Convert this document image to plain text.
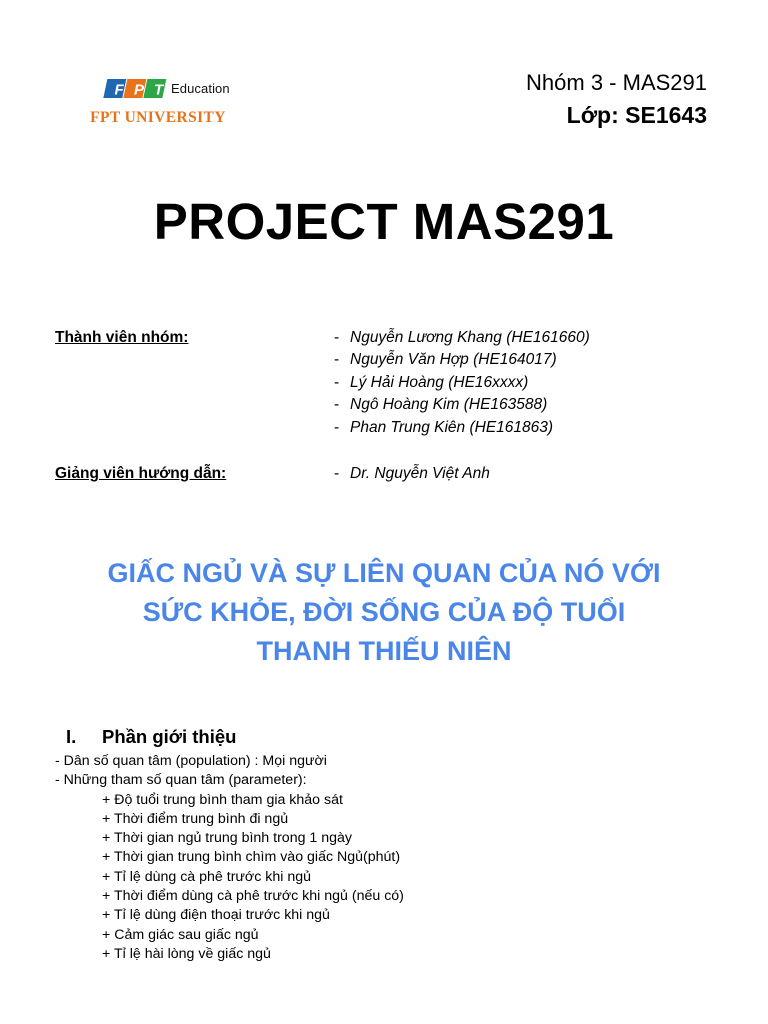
F P T Education
FPT UNIVERSITY
Nhóm 3 - MAS291
Lớp: SE1643
PROJECT MAS291
Thành viên nhóm:	- Nguyễn Lương Khang (HE161660)
- Nguyễn Văn Hợp (HE164017)
- Lý Hải Hoàng (HE16xxxx)
- Ngô Hoàng Kim (HE163588)
- Phan Trung Kiên (HE161863)
Giảng viên hướng dẫn:	- Dr. Nguyễn Việt Anh
GIẤC NGỦ VÀ SỰ LIÊN QUAN CỦA NÓ VỚI
SỨC KHỎE, ĐỜI SỐNG CỦA ĐỘ TUỔI
THANH THIẾU NIÊN
I. Phần giới thiệu
- Dân số quan tâm (population) : Mọi người
- Những tham số quan tâm (parameter):
+ Độ tuổi trung bình tham gia khảo sát
+ Thời điểm trung bình đi ngủ
+ Thời gian ngủ trung bình trong 1 ngày
+ Thời gian trung bình chìm vào giấc Ngủ(phút)
+ Tỉ lệ dùng cà phê trước khi ngủ
+ Thời điểm dùng cà phê trước khi ngủ (nếu có)
+ Tỉ lệ dùng điện thoại trước khi ngủ
+ Cảm giác sau giấc ngủ
+ Tỉ lệ hài lòng về giấc ngủ
